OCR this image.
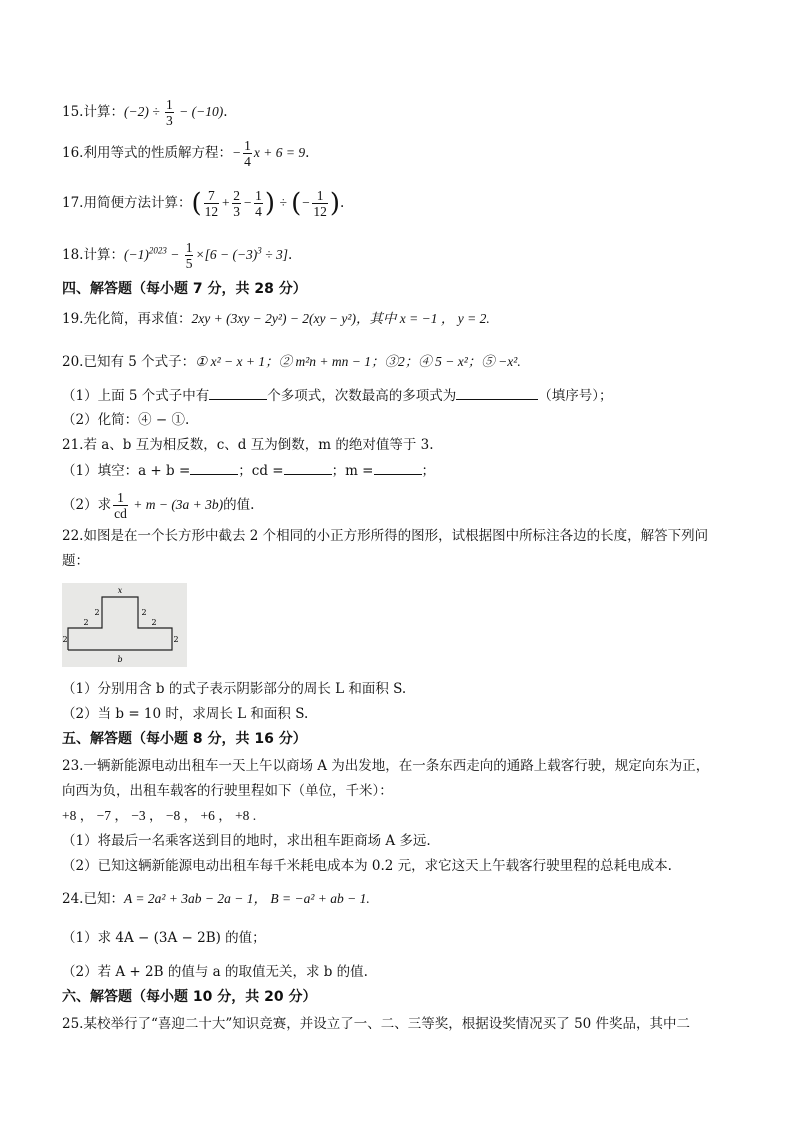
15.计算：$(-2) \div \frac{1}{3} - (-10)$.
16.利用等式的性质解方程：− $\frac{1}{4}$ x + 6 = 9.
17.用简便方法计算：( $\frac{7}{12} + \frac{2}{3} - \frac{1}{4}$ ) ÷ (− $\frac{1}{12}$ ).
18.计算：$(-1)^{2023} - \frac{1}{5} \times[6 - (-3)^3 \div 3]$.
四、解答题（每小题 7 分，共 28 分）
19.先化简，再求值：2xy + (3xy − 2y²) − 2(xy − y²)，其中 x = −1 ， y = 2.
20.已知有 5 个式子：① x² − x + 1；② m²n + mn − 1；③2；④ 5 − x²；⑤ −x².
（1）上面 5 个式子中有	个多项式，次数最高的多项式为	（填序号）；
（2）化简：④ − ①.
21.若 a、b 互为相反数，c、d 互为倒数，m 的绝对值等于 3.
（1）填空：a + b =	；cd =	；m =	；
（2）求 $\frac{1}{cd} + m - (3a + 3b)$的值.
22.如图是在一个长方形中截去 2 个相同的小正方形所得的图形，试根据图中所标注各边的长度，解答下列问
题：
x
2	2
2	2
2	2
b
（1）分别用含 b 的式子表示阴影部分的周长 L 和面积 S.
（2）当 b = 10 时，求周长 L 和面积 S.
五、解答题（每小题 8 分，共 16 分）
23.一辆新能源电动出租车一天上午以商场 A 为出发地，在一条东西走向的通路上载客行驶，规定向东为正，
向西为负，出租车载客的行驶里程如下（单位，千米）：
+8 ， −7 ， −3 ， −8 ， +6 ， +8 .
（1）将最后一名乘客送到目的地时，求出租车距商场 A 多远.
（2）已知这辆新能源电动出租车每千米耗电成本为 0.2 元，求它这天上午载客行驶里程的总耗电成本.
24.已知：A = 2a² + 3ab − 2a − 1， B = −a² + ab − 1.
（1）求 4A − (3A − 2B) 的值；
（2）若 A + 2B 的值与 a 的取值无关，求 b 的值.
六、解答题（每小题 10 分，共 20 分）
25.某校举行了“喜迎二十大”知识竞赛，并设立了一、二、三等奖，根据设奖情况买了 50 件奖品，其中二
